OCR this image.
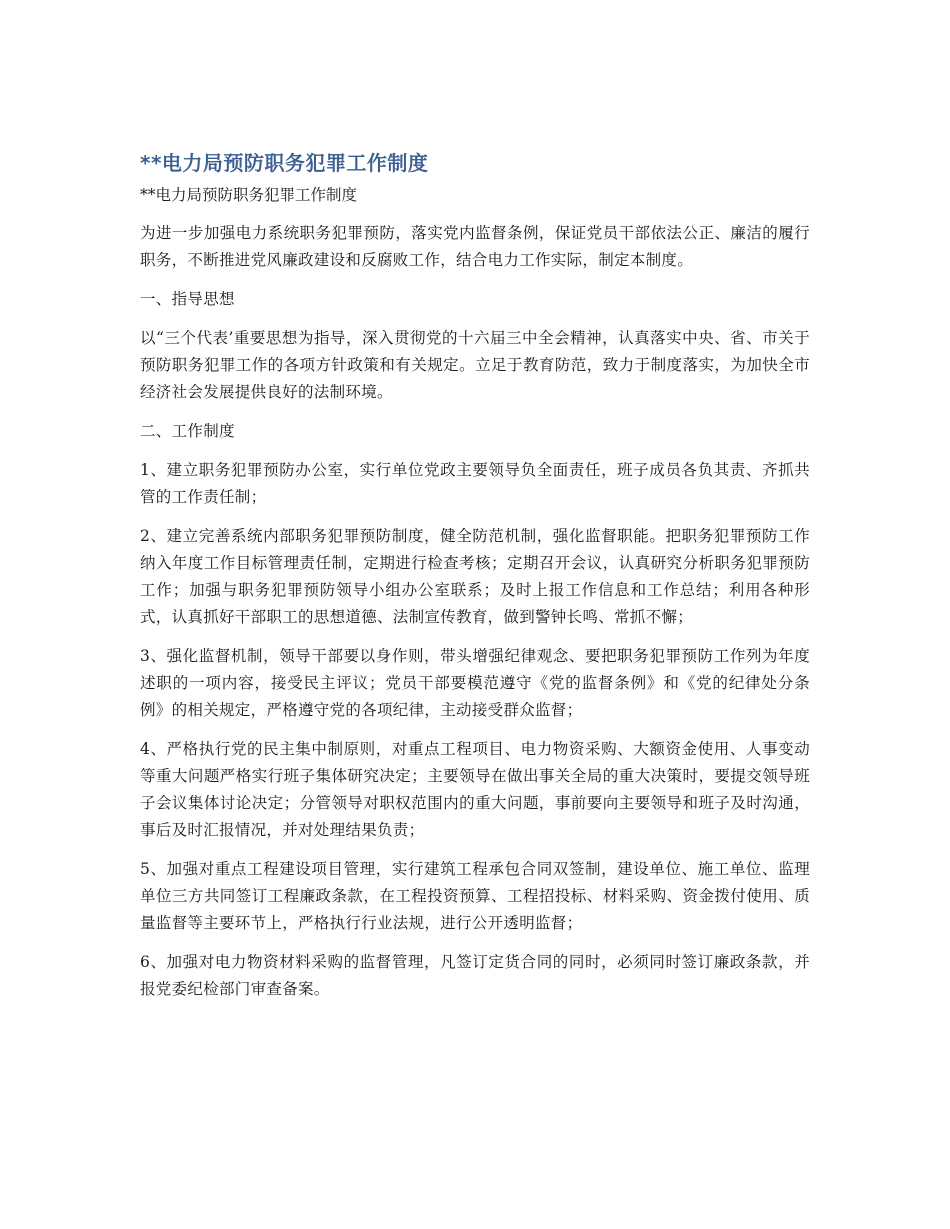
**电力局预防职务犯罪工作制度

**电力局预防职务犯罪工作制度

为进一步加强电力系统职务犯罪预防，落实党内监督条例，保证党员干部依法公正、廉洁的履行职务，不断推进党风廉政建设和反腐败工作，结合电力工作实际，制定本制度。

一、指导思想

以“三个代表’重要思想为指导，深入贯彻党的十六届三中全会精神，认真落实中央、省、市关于预防职务犯罪工作的各项方针政策和有关规定。立足于教育防范，致力于制度落实，为加快全市经济社会发展提供良好的法制环境。

二、工作制度

1、建立职务犯罪预防办公室，实行单位党政主要领导负全面责任，班子成员各负其责、齐抓共管的工作责任制；

2、建立完善系统内部职务犯罪预防制度，健全防范机制，强化监督职能。把职务犯罪预防工作纳入年度工作目标管理责任制，定期进行检查考核；定期召开会议，认真研究分析职务犯罪预防工作；加强与职务犯罪预防领导小组办公室联系；及时上报工作信息和工作总结；利用各种形式，认真抓好干部职工的思想道德、法制宣传教育，做到警钟长鸣、常抓不懈；

3、强化监督机制，领导干部要以身作则，带头增强纪律观念、要把职务犯罪预防工作列为年度述职的一项内容，接受民主评议；党员干部要模范遵守《党的监督条例》和《党的纪律处分条例》的相关规定，严格遵守党的各项纪律，主动接受群众监督；

4、严格执行党的民主集中制原则，对重点工程项目、电力物资采购、大额资金使用、人事变动等重大问题严格实行班子集体研究决定；主要领导在做出事关全局的重大决策时，要提交领导班子会议集体讨论决定；分管领导对职权范围内的重大问题，事前要向主要领导和班子及时沟通，事后及时汇报情况，并对处理结果负责；

5、加强对重点工程建设项目管理，实行建筑工程承包合同双签制，建设单位、施工单位、监理单位三方共同签订工程廉政条款，在工程投资预算、工程招投标、材料采购、资金拨付使用、质量监督等主要环节上，严格执行行业法规，进行公开透明监督；

6、加强对电力物资材料采购的监督管理，凡签订定货合同的同时，必须同时签订廉政条款，并报党委纪检部门审查备案。
